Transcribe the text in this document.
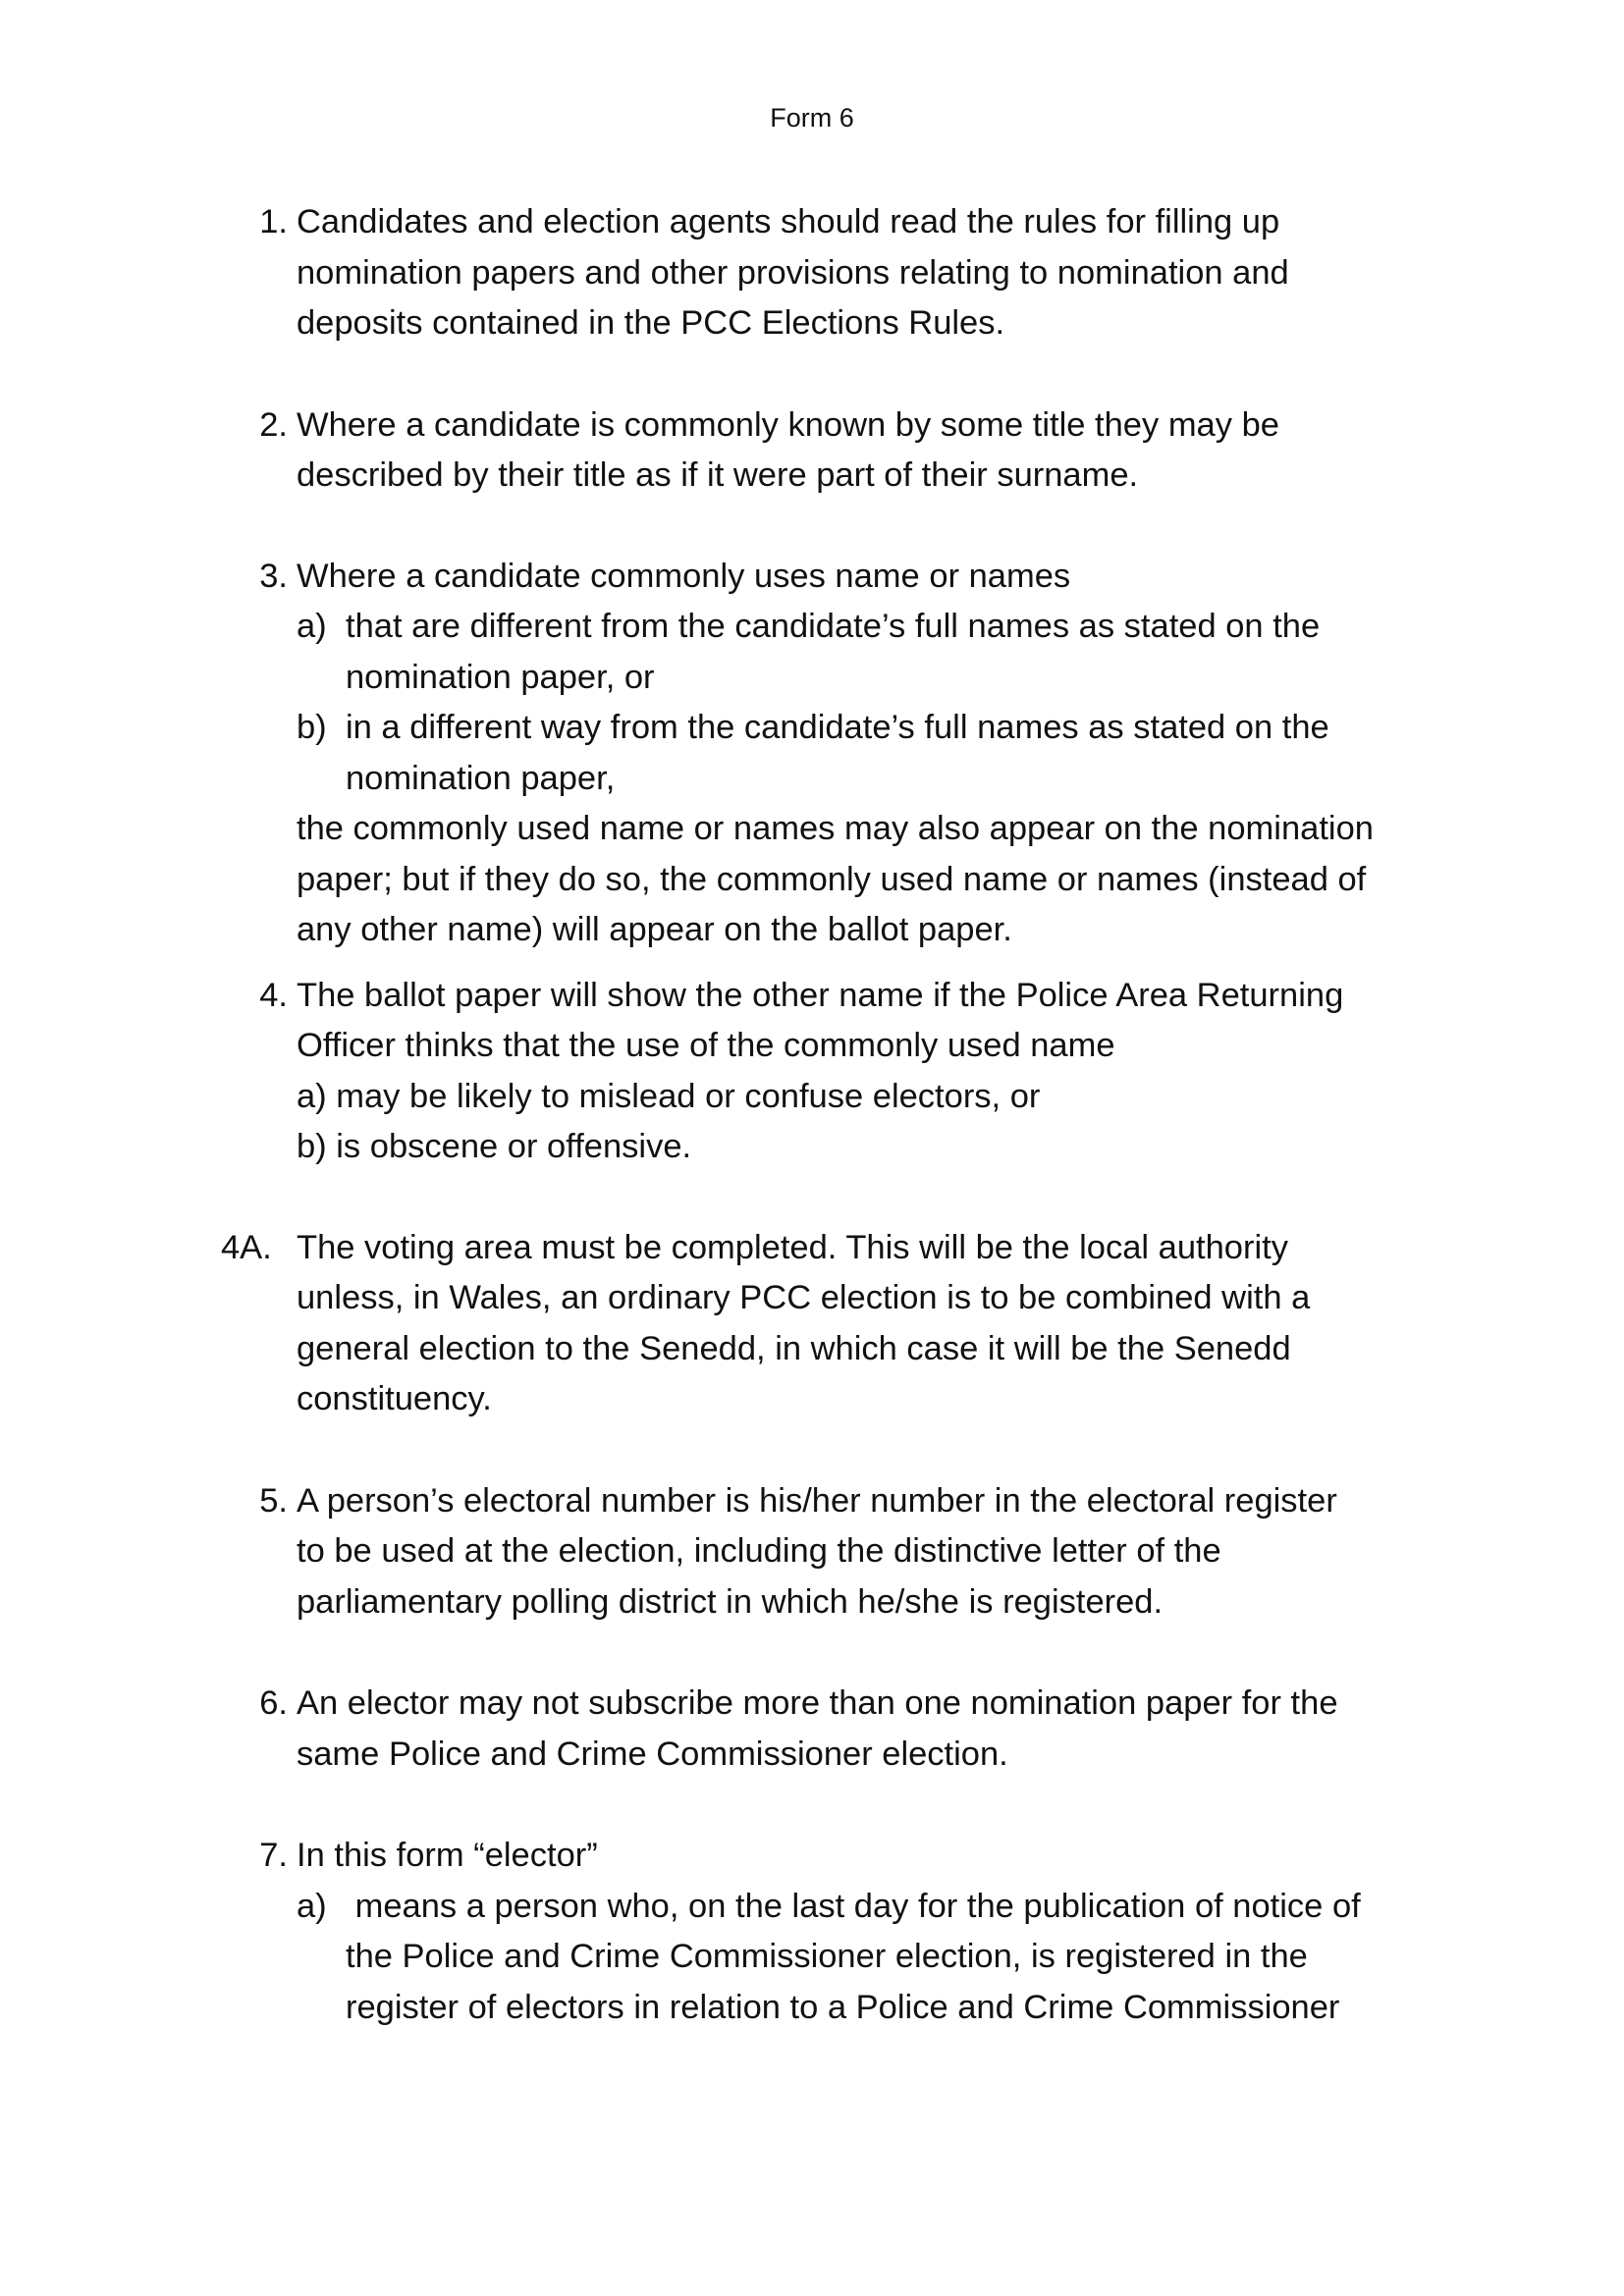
Form 6
1. Candidates and election agents should read the rules for filling up
nomination papers and other provisions relating to nomination and
deposits contained in the PCC Elections Rules.
2. Where a candidate is commonly known by some title they may be
described by their title as if it were part of their surname.
3. Where a candidate commonly uses name or names
a) that are different from the candidate’s full names as stated on the
nomination paper, or
b) in a different way from the candidate’s full names as stated on the
nomination paper,
the commonly used name or names may also appear on the nomination
paper; but if they do so, the commonly used name or names (instead of
any other name) will appear on the ballot paper.
4. The ballot paper will show the other name if the Police Area Returning
Officer thinks that the use of the commonly used name
a) may be likely to mislead or confuse electors, or
b) is obscene or offensive.
4A. The voting area must be completed. This will be the local authority
unless, in Wales, an ordinary PCC election is to be combined with a
general election to the Senedd, in which case it will be the Senedd
constituency.
5. A person’s electoral number is his/her number in the electoral register
to be used at the election, including the distinctive letter of the
parliamentary polling district in which he/she is registered.
6. An elector may not subscribe more than one nomination paper for the
same Police and Crime Commissioner election.
7. In this form “elector”
a) means a person who, on the last day for the publication of notice of
the Police and Crime Commissioner election, is registered in the
register of electors in relation to a Police and Crime Commissioner
